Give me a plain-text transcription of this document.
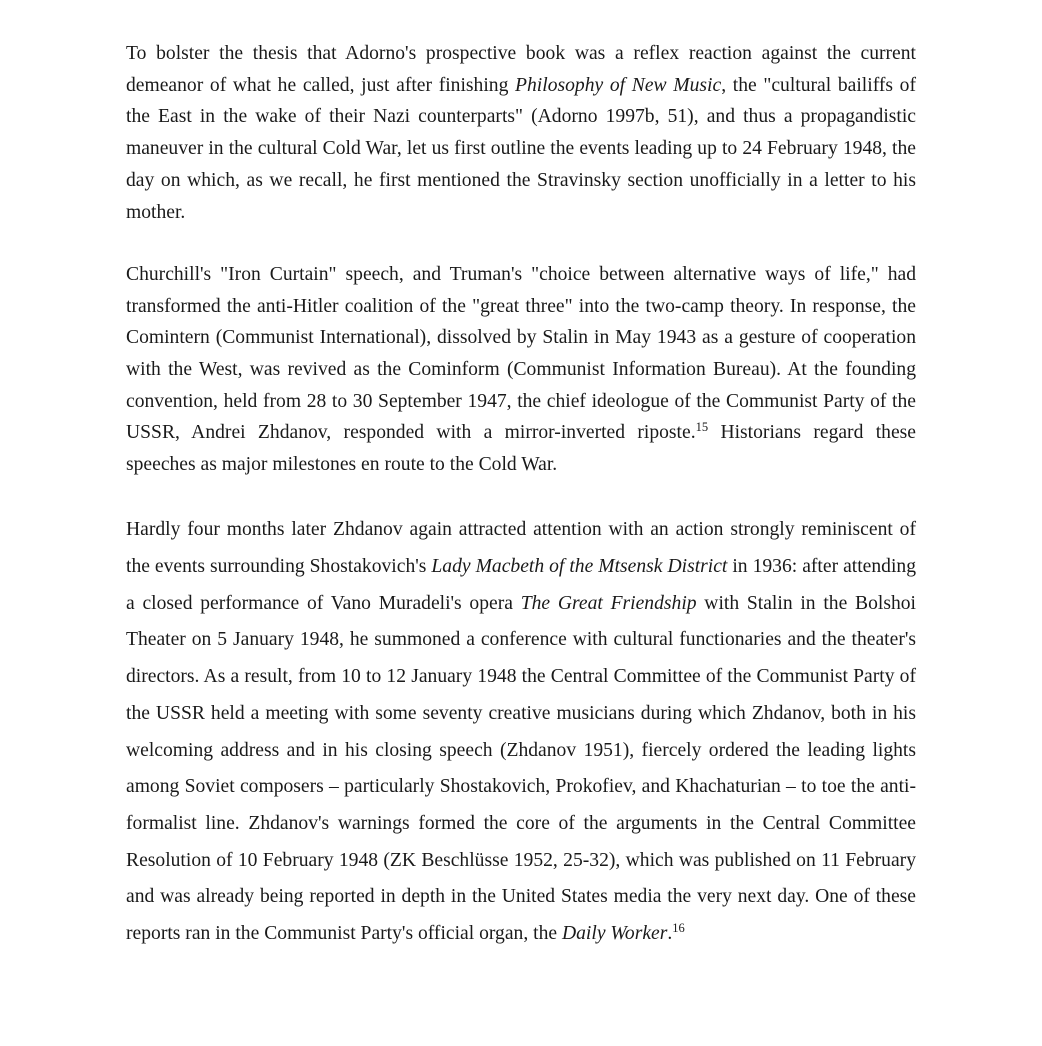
To bolster the thesis that Adorno's prospective book was a reflex reaction against the current demeanor of what he called, just after finishing Philosophy of New Music, the "cultural bailiffs of the East in the wake of their Nazi counterparts" (Adorno 1997b, 51), and thus a propagandistic maneuver in the cultural Cold War, let us first outline the events leading up to 24 February 1948, the day on which, as we recall, he first mentioned the Stravinsky section unofficially in a letter to his mother.

Churchill's "Iron Curtain" speech, and Truman's "choice between alternative ways of life," had transformed the anti-Hitler coalition of the "great three" into the two-camp theory. In response, the Comintern (Communist International), dissolved by Stalin in May 1943 as a gesture of cooperation with the West, was revived as the Cominform (Communist Information Bureau). At the founding convention, held from 28 to 30 September 1947, the chief ideologue of the Communist Party of the USSR, Andrei Zhdanov, responded with a mirror-inverted riposte.$^{15}$ Historians regard these speeches as major milestones en route to the Cold War.

Hardly four months later Zhdanov again attracted attention with an action strongly reminiscent of the events surrounding Shostakovich's Lady Macbeth of the Mtsensk District in 1936: after attending a closed performance of Vano Muradeli's opera The Great Friendship with Stalin in the Bolshoi Theater on 5 January 1948, he summoned a conference with cultural functionaries and the theater's directors. As a result, from 10 to 12 January 1948 the Central Committee of the Communist Party of the USSR held a meeting with some seventy creative musicians during which Zhdanov, both in his welcoming address and in his closing speech (Zhdanov 1951), fiercely ordered the leading lights among Soviet composers – particularly Shostakovich, Prokofiev, and Khachaturian – to toe the anti-formalist line. Zhdanov's warnings formed the core of the arguments in the Central Committee Resolution of 10 February 1948 (ZK Beschlüsse 1952, 25-32), which was published on 11 February and was already being reported in depth in the United States media the very next day. One of these reports ran in the Communist Party's official organ, the Daily Worker.$^{16}$
